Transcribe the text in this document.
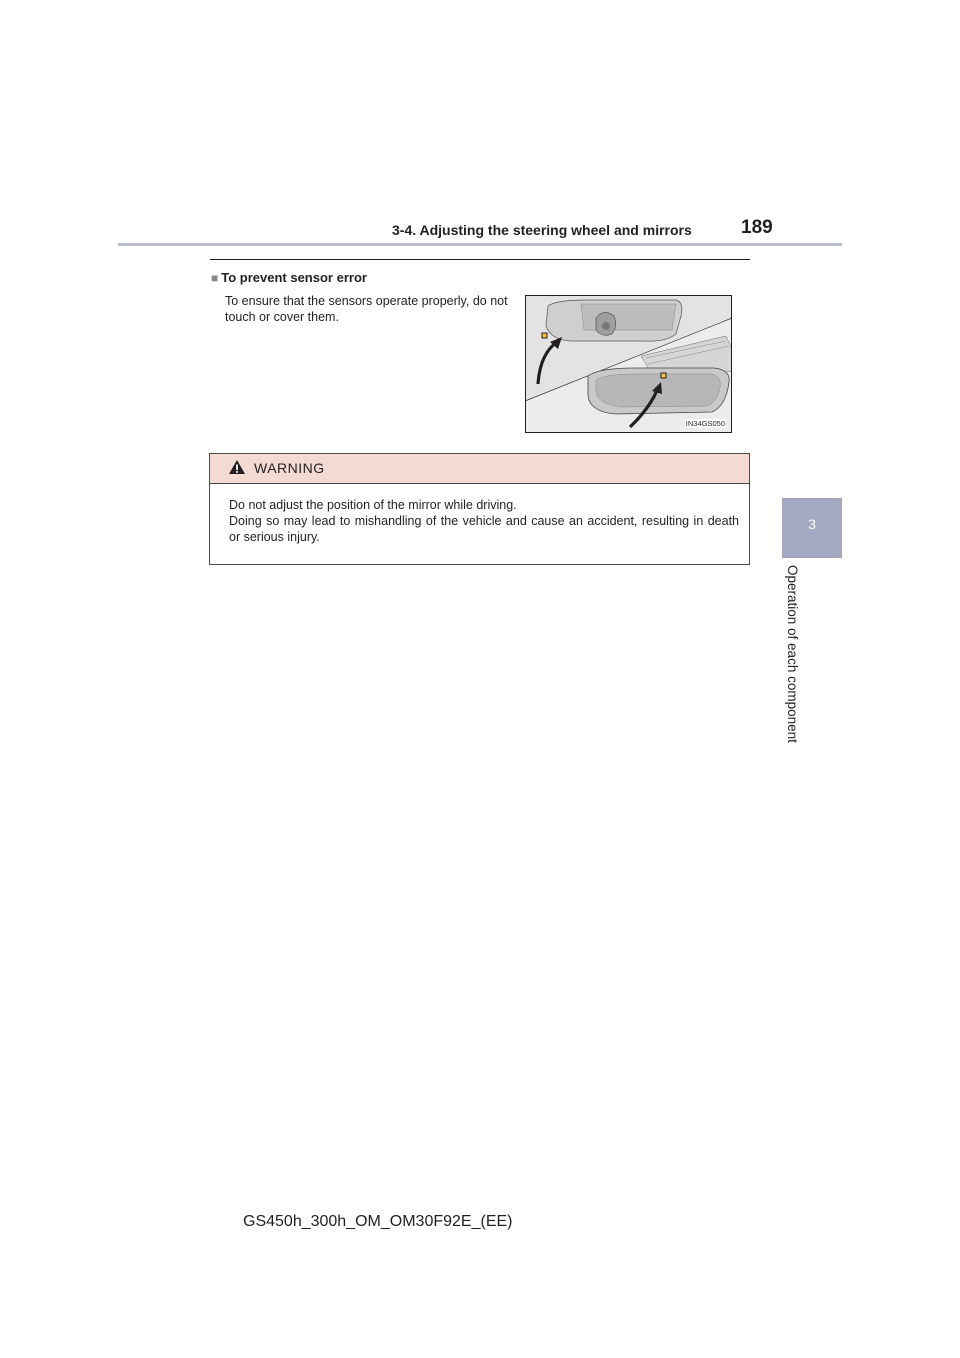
3-4. Adjusting the steering wheel and mirrors	189
3
Operation of each component
■ To prevent sensor error
To ensure that the sensors operate properly, do not touch or cover them.
IN34GS050
WARNING

Do not adjust the position of the mirror while driving.

Doing so may lead to mishandling of the vehicle and cause an accident, resulting in death or serious injury.

GS450h_300h_OM_OM30F92E_(EE)
